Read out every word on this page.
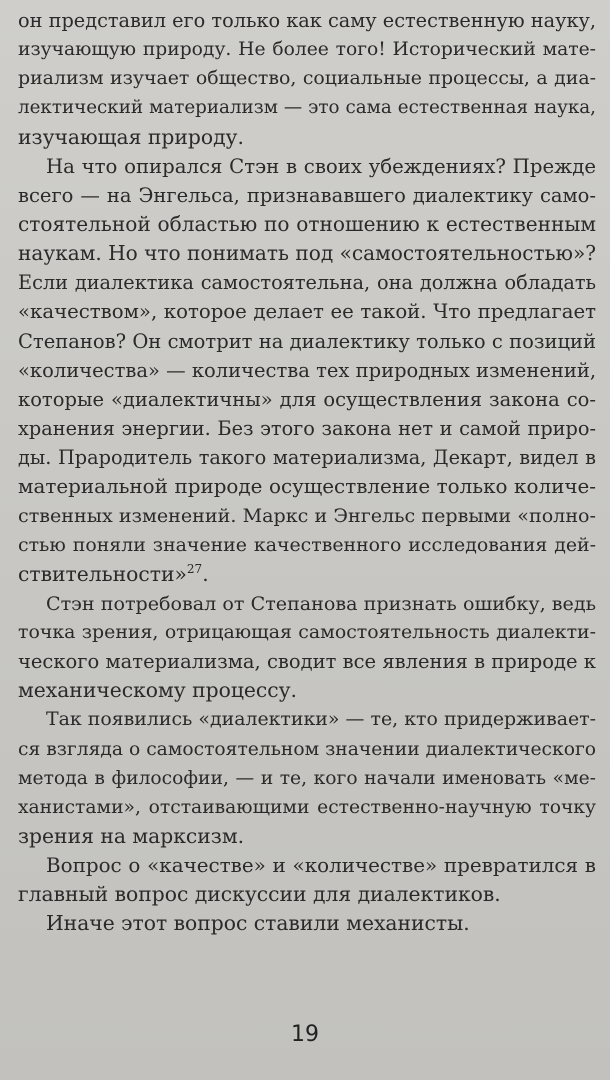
он представил его только как саму естественную науку,
изучающую природу. Не более того! Исторический мате-
риализм изучает общество, социальные процессы, а диа-
лектический материализм — это сама естественная наука,
изучающая природу.

На что опирался Стэн в своих убеждениях? Прежде
всего — на Энгельса, признававшего диалектику само-
стоятельной областью по отношению к естественным
наукам. Но что понимать под «самостоятельностью»?
Если диалектика самостоятельна, она должна обладать
«качеством», которое делает ее такой. Что предлагает
Степанов? Он смотрит на диалектику только с позиций
«количества» — количества тех природных изменений,
которые «диалектичны» для осуществления закона со-
хранения энергии. Без этого закона нет и самой приро-
ды. Прародитель такого материализма, Декарт, видел в
материальной природе осуществление только количе-
ственных изменений. Маркс и Энгельс первыми «полно-
стью поняли значение качественного исследования дей-
ствительности»$^{27}$.

Стэн потребовал от Степанова признать ошибку, ведь
точка зрения, отрицающая самостоятельность диалекти-
ческого материализма, сводит все явления в природе к
механическому процессу.

Так появились «диалектики» — те, кто придерживает-
ся взгляда о самостоятельном значении диалектического
метода в философии, — и те, кого начали именовать «ме-
ханистами», отстаивающими естественно-научную точку
зрения на марксизм.

Вопрос о «качестве» и «количестве» превратился в
главный вопрос дискуссии для диалектиков.

Иначе этот вопрос ставили механисты.

19
